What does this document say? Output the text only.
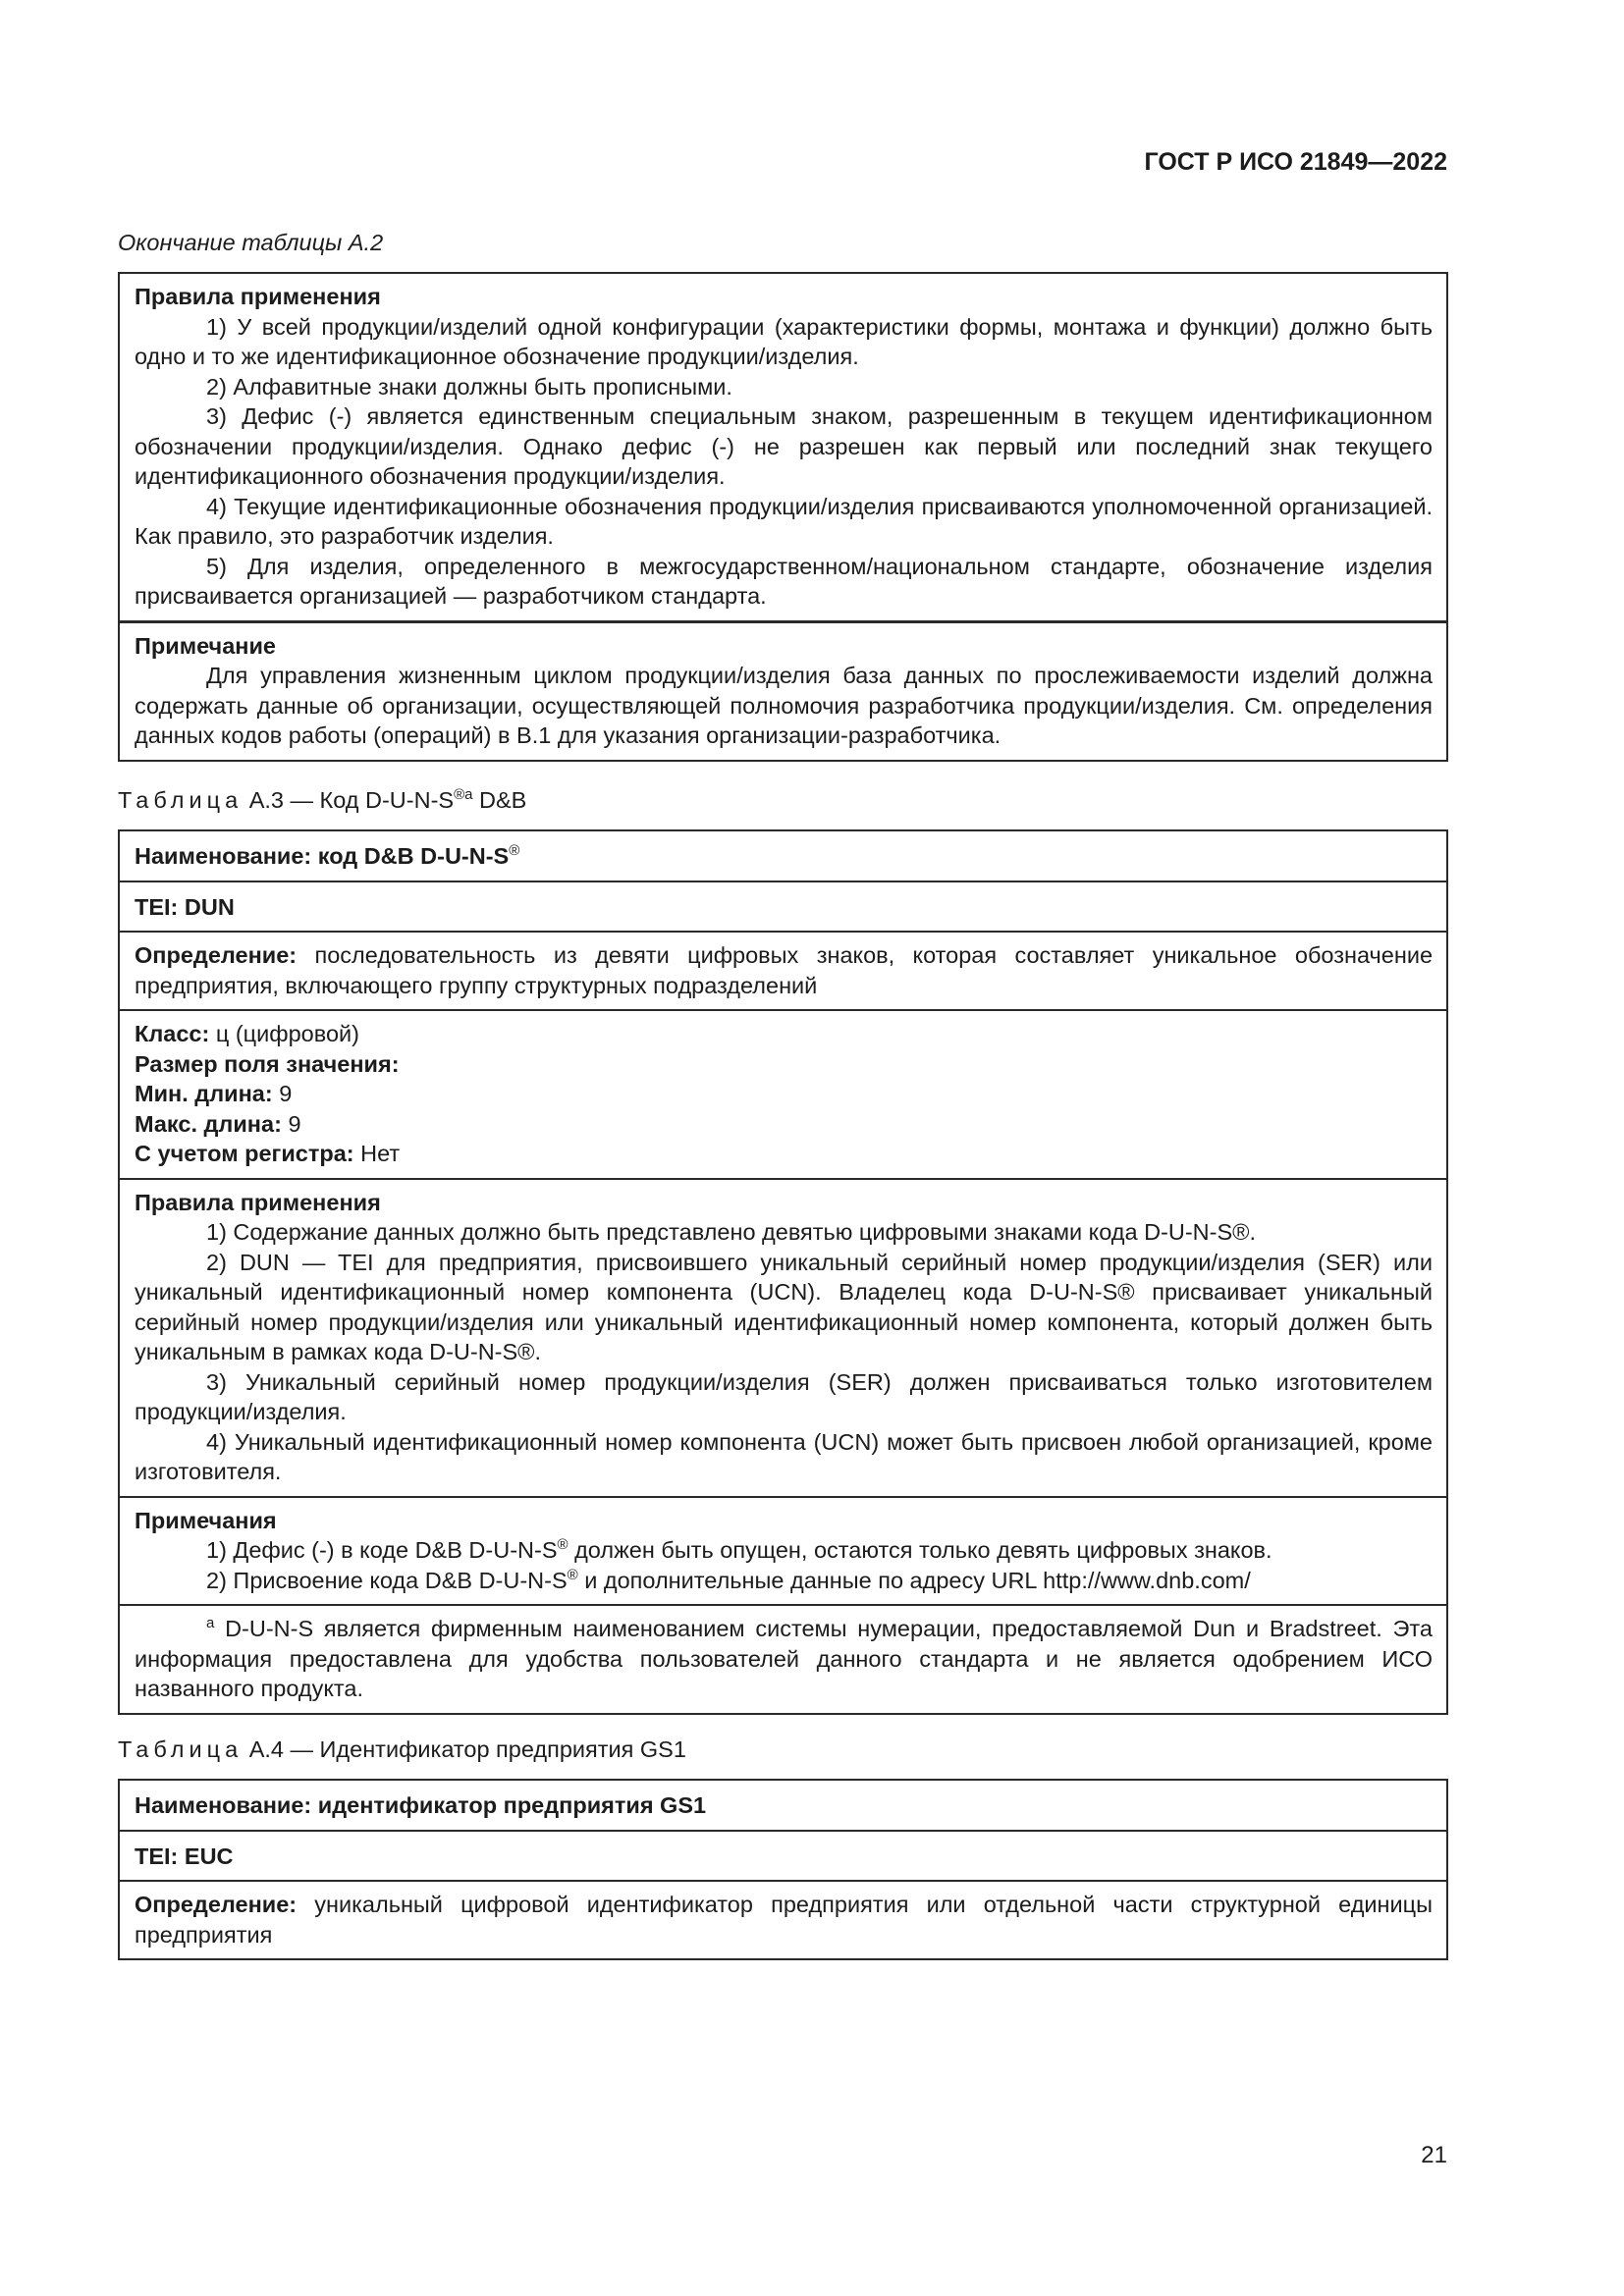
ГОСТ Р ИСО 21849—2022
Окончание таблицы А.2
Правила применения
1) У всей продукции/изделий одной конфигурации (характеристики формы, монтажа и функции) должно быть одно и то же идентификационное обозначение продукции/изделия.
2) Алфавитные знаки должны быть прописными.
3) Дефис (-) является единственным специальным знаком, разрешенным в текущем идентификационном обозначении продукции/изделия. Однако дефис (-) не разрешен как первый или последний знак текущего идентификационного обозначения продукции/изделия.
4) Текущие идентификационные обозначения продукции/изделия присваиваются уполномоченной организацией. Как правило, это разработчик изделия.
5) Для изделия, определенного в межгосударственном/национальном стандарте, обозначение изделия присваивается организацией — разработчиком стандарта.
Примечание
Для управления жизненным циклом продукции/изделия база данных по прослеживаемости изделий должна содержать данные об организации, осуществляющей полномочия разработчика продукции/изделия. См. определения данных кодов работы (операций) в В.1 для указания организации-разработчика.
Таблица А.3 — Код $D-U-N-S^{®а}$ D&B
Наименование: код D&B D-U-N-S®
TEI: DUN
Определение: последовательность из девяти цифровых знаков, которая составляет уникальное обозначение предприятия, включающего группу структурных подразделений
Класс: ц (цифровой)
Размер поля значения:
Мин. длина: 9
Макс. длина: 9
С учетом регистра: Нет
Правила применения
1) Содержание данных должно быть представлено девятью цифровыми знаками кода D-U-N-S®.
2) DUN — TEI для предприятия, присвоившего уникальный серийный номер продукции/изделия (SER) или уникальный идентификационный номер компонента (UCN). Владелец кода D-U-N-S® присваивает уникальный серийный номер продукции/изделия или уникальный идентификационный номер компонента, который должен быть уникальным в рамках кода D-U-N-S®.
3) Уникальный серийный номер продукции/изделия (SER) должен присваиваться только изготовителем продукции/изделия.
4) Уникальный идентификационный номер компонента (UCN) может быть присвоен любой организацией, кроме изготовителя.
Примечания
1) Дефис (-) в коде D&B D-U-N-S® должен быть опущен, остаются только девять цифровых знаков.
2) Присвоение кода D&B D-U-N-S® и дополнительные данные по адресу URL http://www.dnb.com/
$^а$ D-U-N-S является фирменным наименованием системы нумерации, предоставляемой Dun и Bradstreet. Эта информация предоставлена для удобства пользователей данного стандарта и не является одобрением ИСО названного продукта.
Таблица А.4 — Идентификатор предприятия GS1
Наименование: идентификатор предприятия GS1
TEI: EUC
Определение: уникальный цифровой идентификатор предприятия или отдельной части структурной единицы предприятия
21
